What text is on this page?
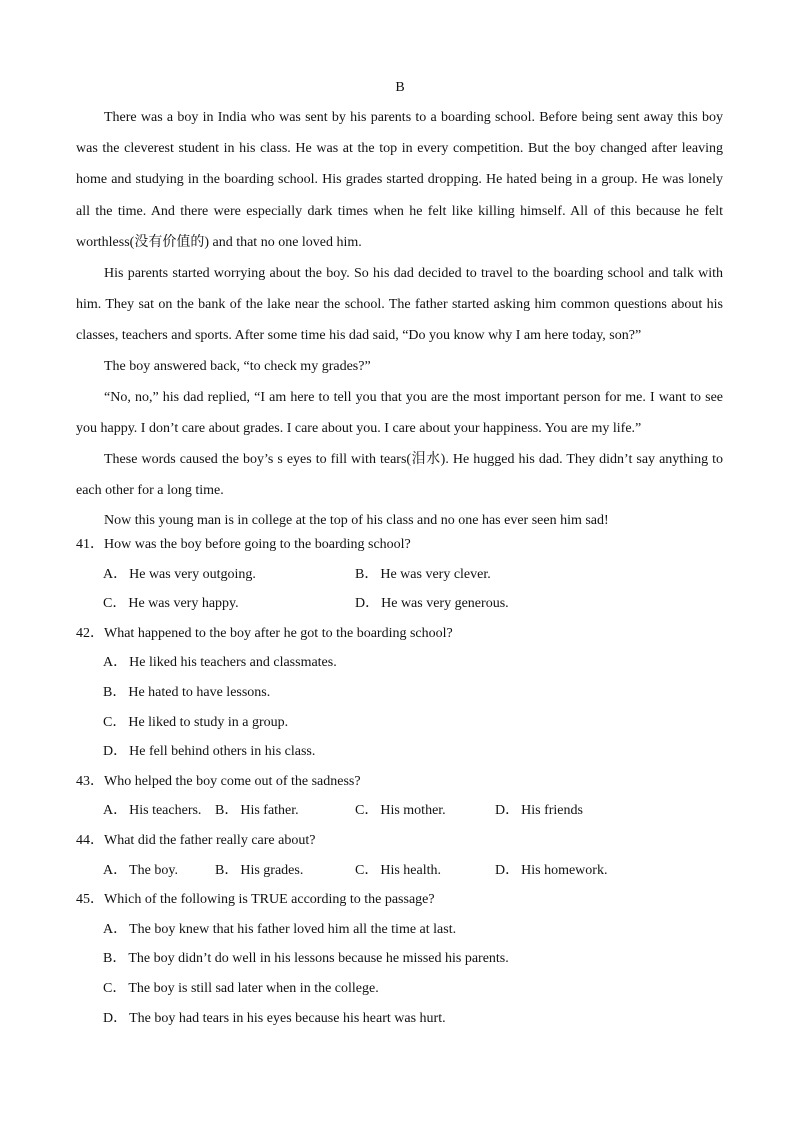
B

There was a boy in India who was sent by his parents to a boarding school. Before being sent away this boy was the cleverest student in his class. He was at the top in every competition. But the boy changed after leaving home and studying in the boarding school. His grades started dropping. He hated being in a group. He was lonely all the time. And there were especially dark times when he felt like killing himself. All of this because he felt worthless(没有价值的) and that no one loved him.

His parents started worrying about the boy. So his dad decided to travel to the boarding school and talk with him. They sat on the bank of the lake near the school. The father started asking him common questions about his classes, teachers and sports. After some time his dad said, “Do you know why I am here today, son?”

The boy answered back, “to check my grades?”

“No, no,” his dad replied, “I am here to tell you that you are the most important person for me. I want to see you happy. I don’t care about grades. I care about you. I care about your happiness. You are my life.”

These words caused the boy’s s eyes to fill with tears(泪水). He hugged his dad. They didn’t say anything to each other for a long time.

Now this young man is in college at the top of his class and no one has ever seen him sad!

41．How was the boy before going to the boarding school?
A． He was very outgoing.	B． He was very clever.
C． He was very happy.	D． He was very generous.
42．What happened to the boy after he got to the boarding school?
A． He liked his teachers and classmates.
B． He hated to have lessons.
C． He liked to study in a group.
D． He fell behind others in his class.
43．Who helped the boy come out of the sadness?
A． His teachers. B． His father.	C． His mother.	D． His friends
44．What did the father really care about?
A． The boy.	B． His grades.	C． His health.	D． His homework.
45．Which of the following is TRUE according to the passage?
A． The boy knew that his father loved him all the time at last.
B． The boy didn’t do well in his lessons because he missed his parents.
C． The boy is still sad later when in the college.
D． The boy had tears in his eyes because his heart was hurt.
